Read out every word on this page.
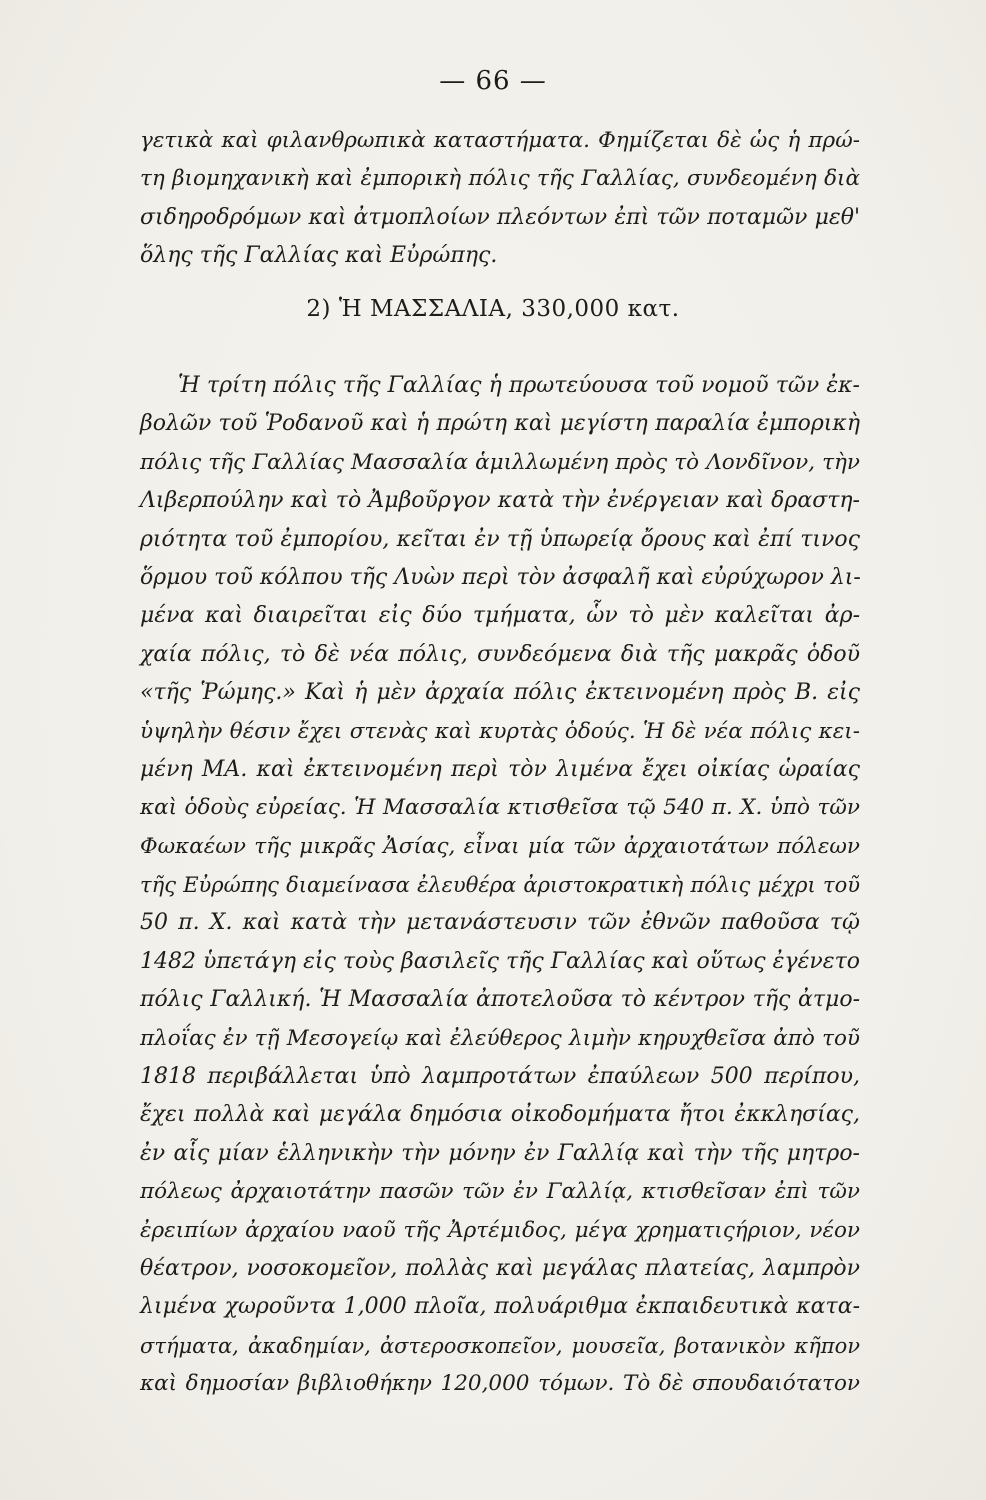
— 66 —
γετικὰ καὶ φιλανθρωπικὰ καταστήματα. Φημίζεται δὲ ὡς ἡ πρώ-
τη βιομηχανικὴ καὶ ἐμπορικὴ πόλις τῆς Γαλλίας, συνδεομένη διὰ
σιδηροδρόμων καὶ ἀτμοπλοίων πλεόντων ἐπὶ τῶν ποταμῶν μεθ'
ὅλης τῆς Γαλλίας καὶ Εὐρώπης.
2) Ἡ ΜΑΣΣΑΛΙΑ, 330,000 κατ.
Ἡ τρίτη πόλις τῆς Γαλλίας ἡ πρωτεύουσα τοῦ νομοῦ τῶν ἐκ-
βολῶν τοῦ Ῥοδανοῦ καὶ ἡ πρώτη καὶ μεγίστη παραλία ἐμπορικὴ
πόλις τῆς Γαλλίας Μασσαλία ἁμιλλωμένη πρὸς τὸ Λονδῖνον, τὴν
Λιβερπούλην καὶ τὸ Ἀμβοῦργον κατὰ τὴν ἐνέργειαν καὶ δραστη-
ριότητα τοῦ ἐμπορίου, κεῖται ἐν τῇ ὑπωρείᾳ ὄρους καὶ ἐπί τινος
ὅρμου τοῦ κόλπου τῆς Λυὼν περὶ τὸν ἀσφαλῆ καὶ εὐρύχωρον λι-
μένα καὶ διαιρεῖται εἰς δύο τμήματα, ὧν τὸ μὲν καλεῖται ἀρ-
χαία πόλις, τὸ δὲ νέα πόλις, συνδεόμενα διὰ τῆς μακρᾶς ὁδοῦ
«τῆς Ῥώμης.» Καὶ ἡ μὲν ἀρχαία πόλις ἐκτεινομένη πρὸς Β. εἰς
ὑψηλὴν θέσιν ἔχει στενὰς καὶ κυρτὰς ὁδούς. Ἡ δὲ νέα πόλις κει-
μένη ΜΑ. καὶ ἐκτεινομένη περὶ τὸν λιμένα ἔχει οἰκίας ὡραίας
καὶ ὁδοὺς εὐρείας. Ἡ Μασσαλία κτισθεῖσα τῷ 540 π. Χ. ὑπὸ τῶν
Φωκαέων τῆς μικρᾶς Ἀσίας, εἶναι μία τῶν ἀρχαιοτάτων πόλεων
τῆς Εὐρώπης διαμείνασα ἐλευθέρα ἀριστοκρατικὴ πόλις μέχρι τοῦ
50 π. Χ. καὶ κατὰ τὴν μετανάστευσιν τῶν ἐθνῶν παθοῦσα τῷ
1482 ὑπετάγη εἰς τοὺς βασιλεῖς τῆς Γαλλίας καὶ οὕτως ἐγένετο
πόλις Γαλλική. Ἡ Μασσαλία ἀποτελοῦσα τὸ κέντρον τῆς ἀτμο-
πλοΐας ἐν τῇ Μεσογείῳ καὶ ἐλεύθερος λιμὴν κηρυχθεῖσα ἀπὸ τοῦ
1818 περιβάλλεται ὑπὸ λαμπροτάτων ἐπαύλεων 500 περίπου,
ἔχει πολλὰ καὶ μεγάλα δημόσια οἰκοδομήματα ἤτοι ἐκκλησίας,
ἐν αἷς μίαν ἑλληνικὴν τὴν μόνην ἐν Γαλλίᾳ καὶ τὴν τῆς μητρο-
πόλεως ἀρχαιοτάτην πασῶν τῶν ἐν Γαλλίᾳ, κτισθεῖσαν ἐπὶ τῶν
ἐρειπίων ἀρχαίου ναοῦ τῆς Ἀρτέμιδος, μέγα χρηματιςήριον, νέον
θέατρον, νοσοκομεῖον, πολλὰς καὶ μεγάλας πλατείας, λαμπρὸν
λιμένα χωροῦντα 1,000 πλοῖα, πολυάριθμα ἐκπαιδευτικὰ κατα-
στήματα, ἀκαδημίαν, ἀστεροσκοπεῖον, μουσεῖα, βοτανικὸν κῆπον
καὶ δημοσίαν βιβλιοθήκην 120,000 τόμων. Τὸ δὲ σπουδαιότατον
